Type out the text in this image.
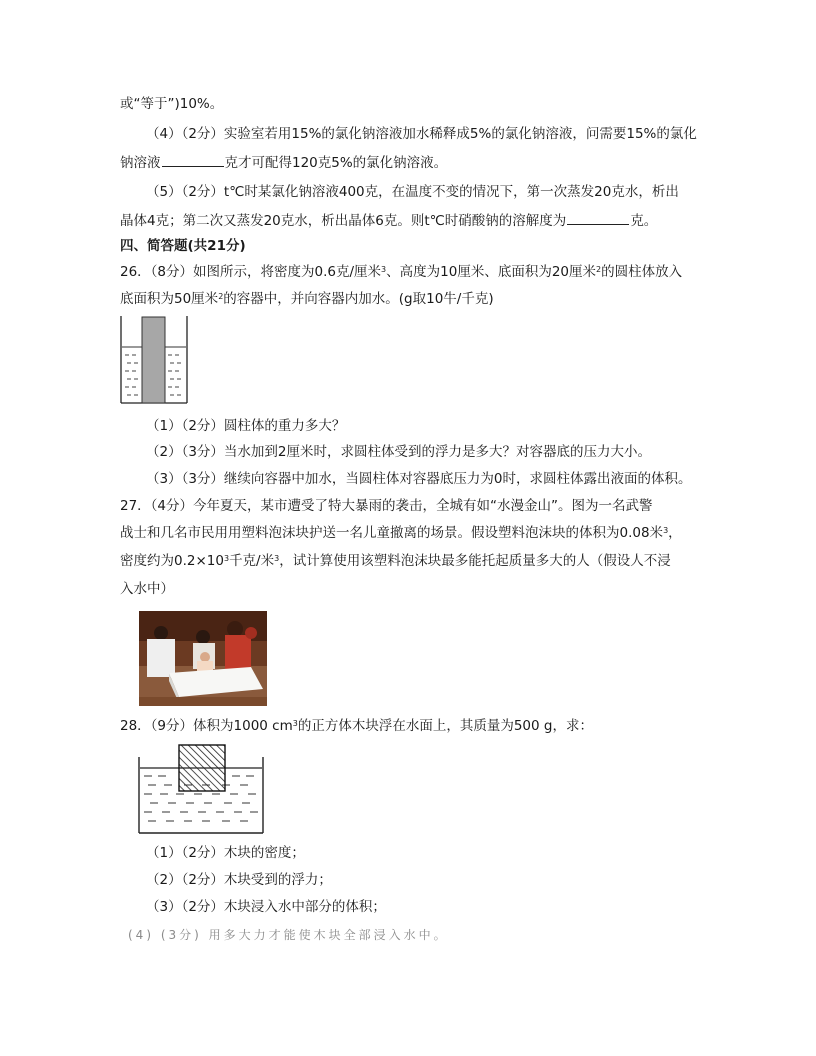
或“等于”)10%。
（4）（2分）实验室若用15%的氯化钠溶液加水稀释成5%的氯化钠溶液，问需要15%的氯化
钠溶液	克才可配得120克5%的氯化钠溶液。
（5）（2分）t℃时某氯化钠溶液400克，在温度不变的情况下，第一次蒸发20克水，析出
晶体4克；第二次又蒸发20克水，析出晶体6克。则t℃时硝酸钠的溶解度为	克。
四、简答题(共21分)
26．（8分）如图所示，将密度为0.6克/厘米$^3$、高度为10厘米、底面积为20厘米$^2$的圆柱体放入
底面积为50厘米$^2$的容器中，并向容器内加水。(g取10牛/千克)
（1）（2分）圆柱体的重力多大？
（2）（3分）当水加到2厘米时，求圆柱体受到的浮力是多大？对容器底的压力大小。
（3）（3分）继续向容器中加水，当圆柱体对容器底压力为0时，求圆柱体露出液面的体积。
27．（4分）今年夏天，某市遭受了特大暴雨的袭击，全城有如“水漫金山”。图为一名武警
战士和几名市民用用塑料泡沫块护送一名儿童撤离的场景。假设塑料泡沫块的体积为0.08米$^3$，
密度约为$0.2\times 10^3$千克/米$^3$，试计算使用该塑料泡沫块最多能托起质量多大的人（假设人不浸
入水中）
28．（9分）体积为1000 $cm^3$的正方体木块浮在水面上，其质量为500 g，求：
（1）（2分）木块的密度；
（2）（2分）木块受到的浮力；
（3）（2分）木块浸入水中部分的体积；
(4) (3分) 用多大力才能使木块全部浸入水中。
